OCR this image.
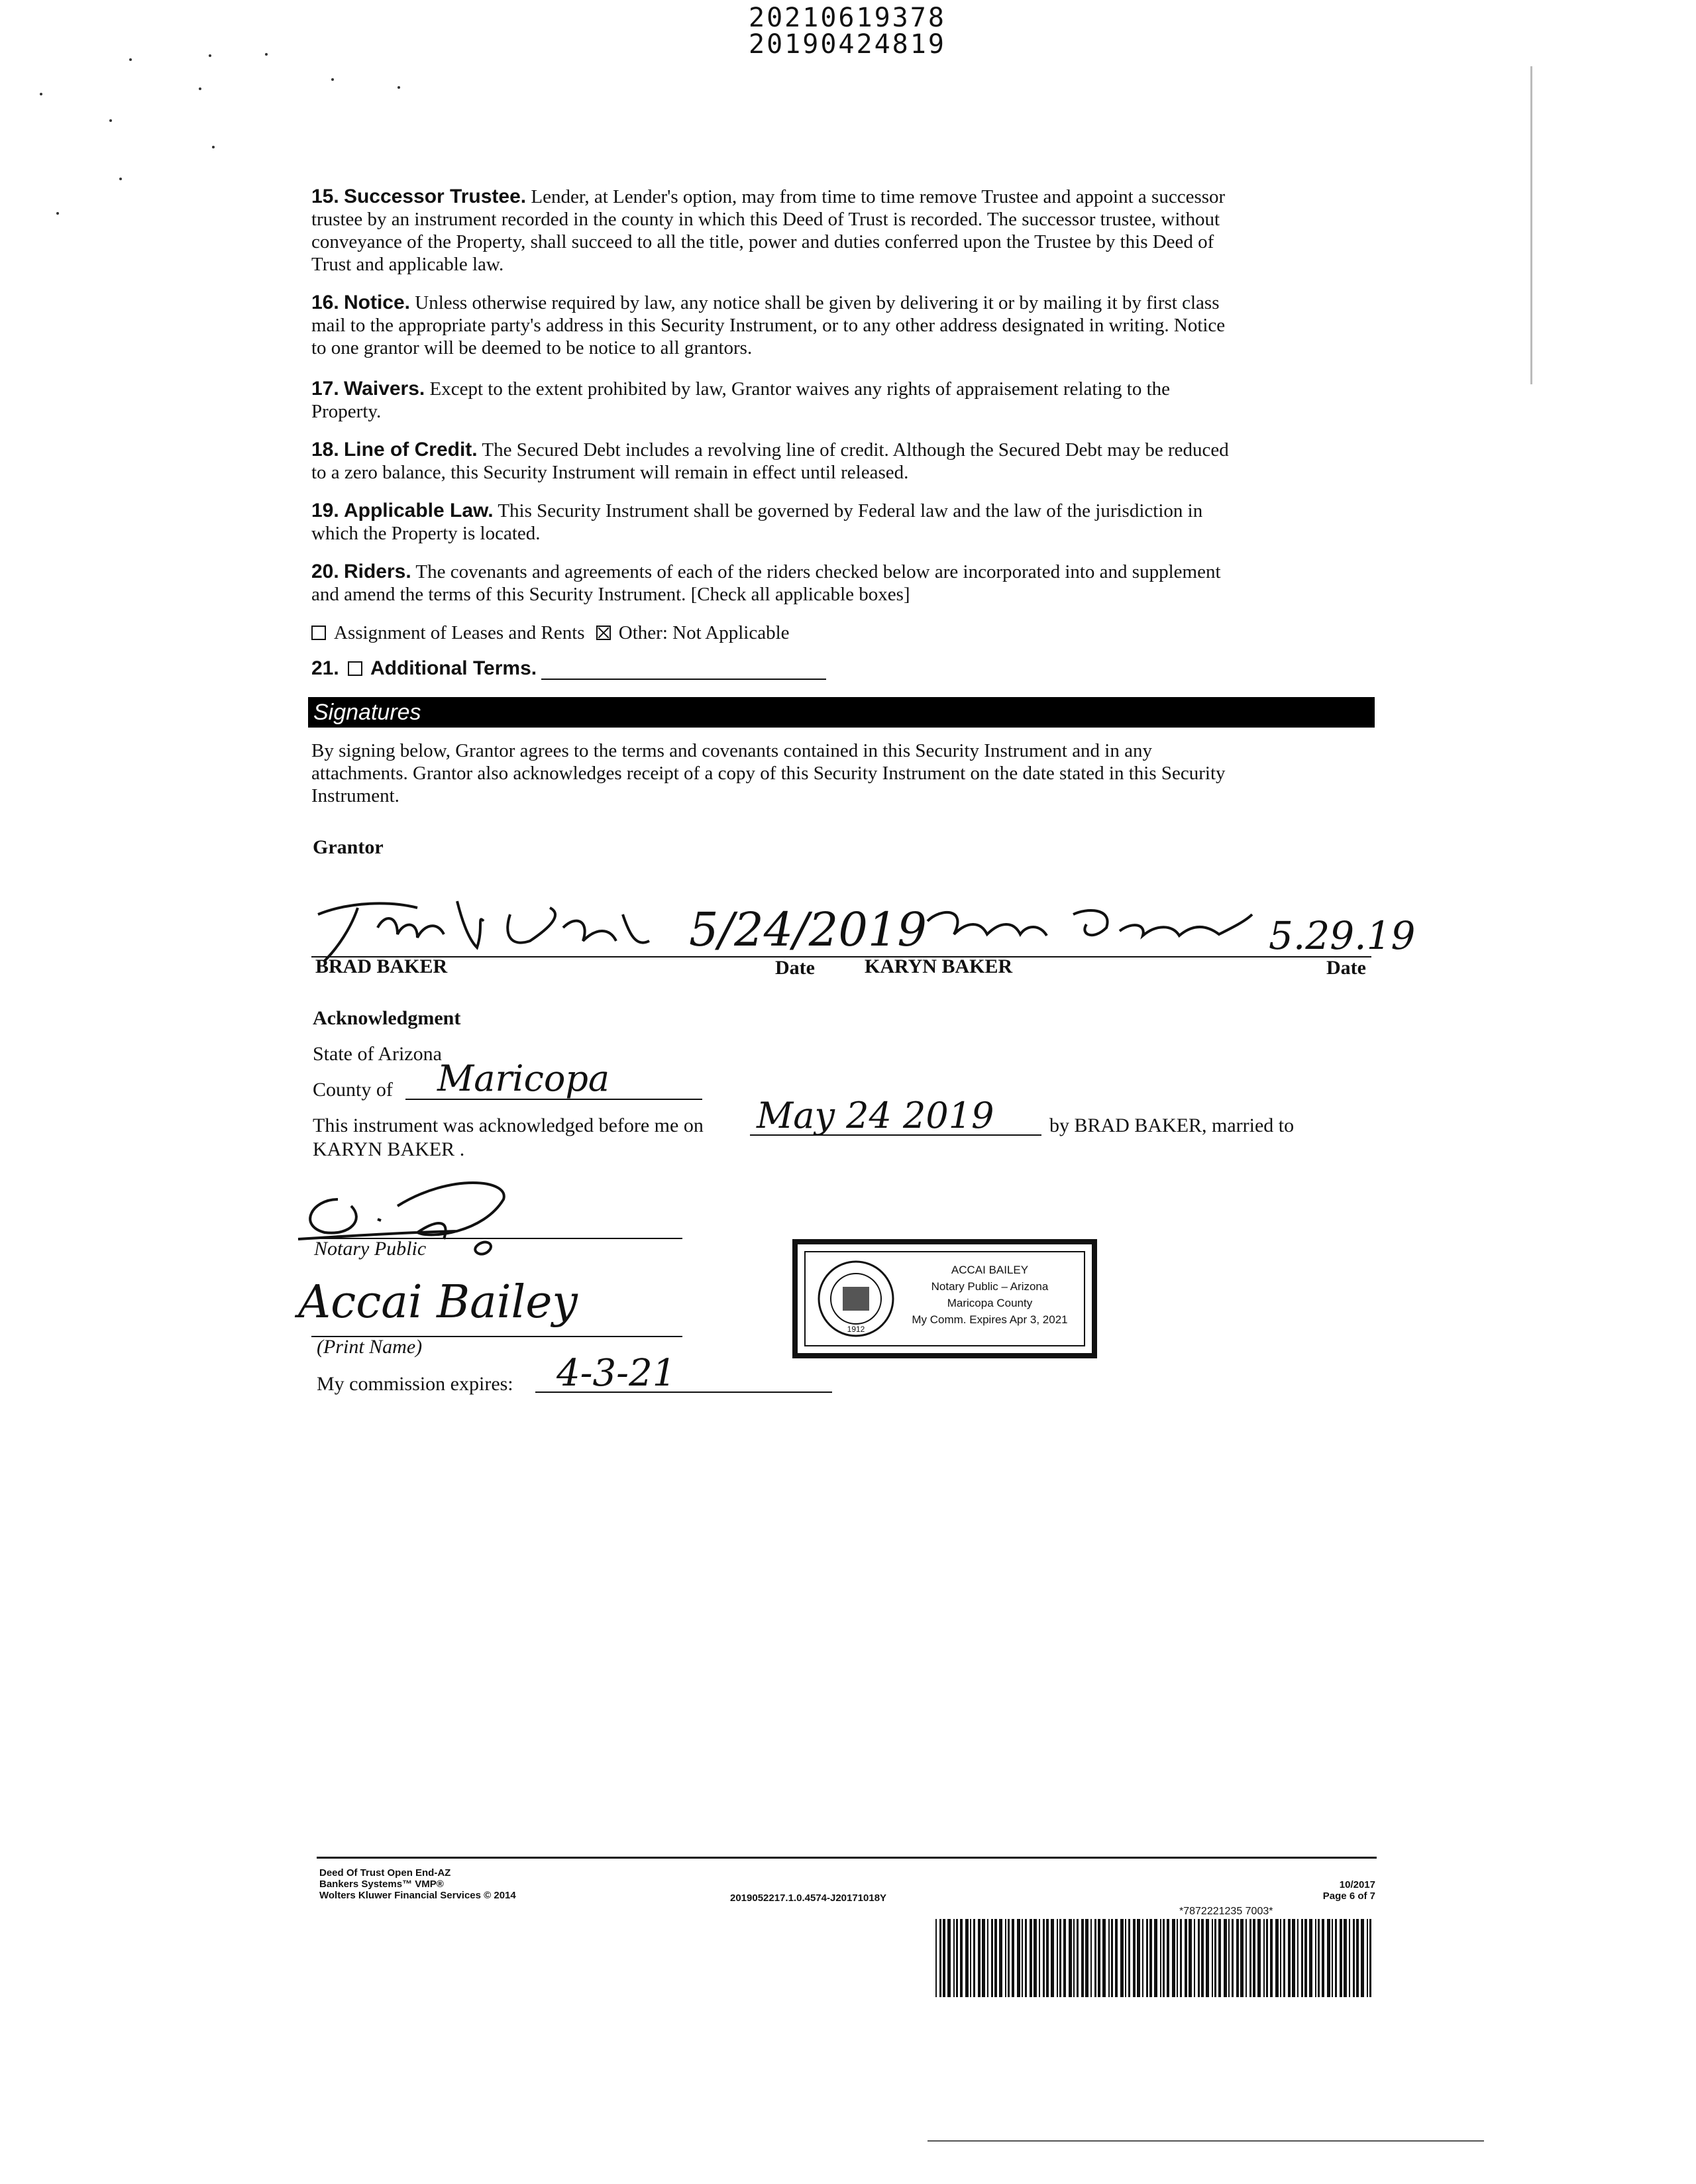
20210619378
20190424819
15. Successor Trustee. Lender, at Lender's option, may from time to time remove Trustee and appoint a successor
trustee by an instrument recorded in the county in which this Deed of Trust is recorded. The successor trustee, without
conveyance of the Property, shall succeed to all the title, power and duties conferred upon the Trustee by this Deed of
Trust and applicable law.
16. Notice. Unless otherwise required by law, any notice shall be given by delivering it or by mailing it by first class
mail to the appropriate party's address in this Security Instrument, or to any other address designated in writing. Notice
to one grantor will be deemed to be notice to all grantors.
17. Waivers. Except to the extent prohibited by law, Grantor waives any rights of appraisement relating to the
Property.
18. Line of Credit. The Secured Debt includes a revolving line of credit. Although the Secured Debt may be reduced
to a zero balance, this Security Instrument will remain in effect until released.
19. Applicable Law. This Security Instrument shall be governed by Federal law and the law of the jurisdiction in
which the Property is located.
20. Riders. The covenants and agreements of each of the riders checked below are incorporated into and supplement
and amend the terms of this Security Instrument. [Check all applicable boxes]
Assignment of Leases and Rents Other: Not Applicable
21. Additional Terms.
Signatures
By signing below, Grantor agrees to the terms and covenants contained in this Security Instrument and in any
attachments. Grantor also acknowledges receipt of a copy of this Security Instrument on the date stated in this Security
Instrument.
Grantor
5/24/2019	5.29.19
BRAD BAKER	Date	KARYN BAKER	Date
Acknowledgment
State of Arizona
County of Maricopa
This instrument was acknowledged before me on May 24 2019	by BRAD BAKER, married to
KARYN BAKER .
Notary Public
Accai Bailey
(Print Name)
My commission expires: 4-3-21
1912
ACCAI BAILEY
Notary Public – Arizona
Maricopa County
My Comm. Expires Apr 3, 2021
Deed Of Trust Open End-AZ
Bankers Systems™ VMP®
Wolters Kluwer Financial Services © 2014	2019052217.1.0.4574-J20171018Y
10/2017
Page 6 of 7
*7872221235 7003*
